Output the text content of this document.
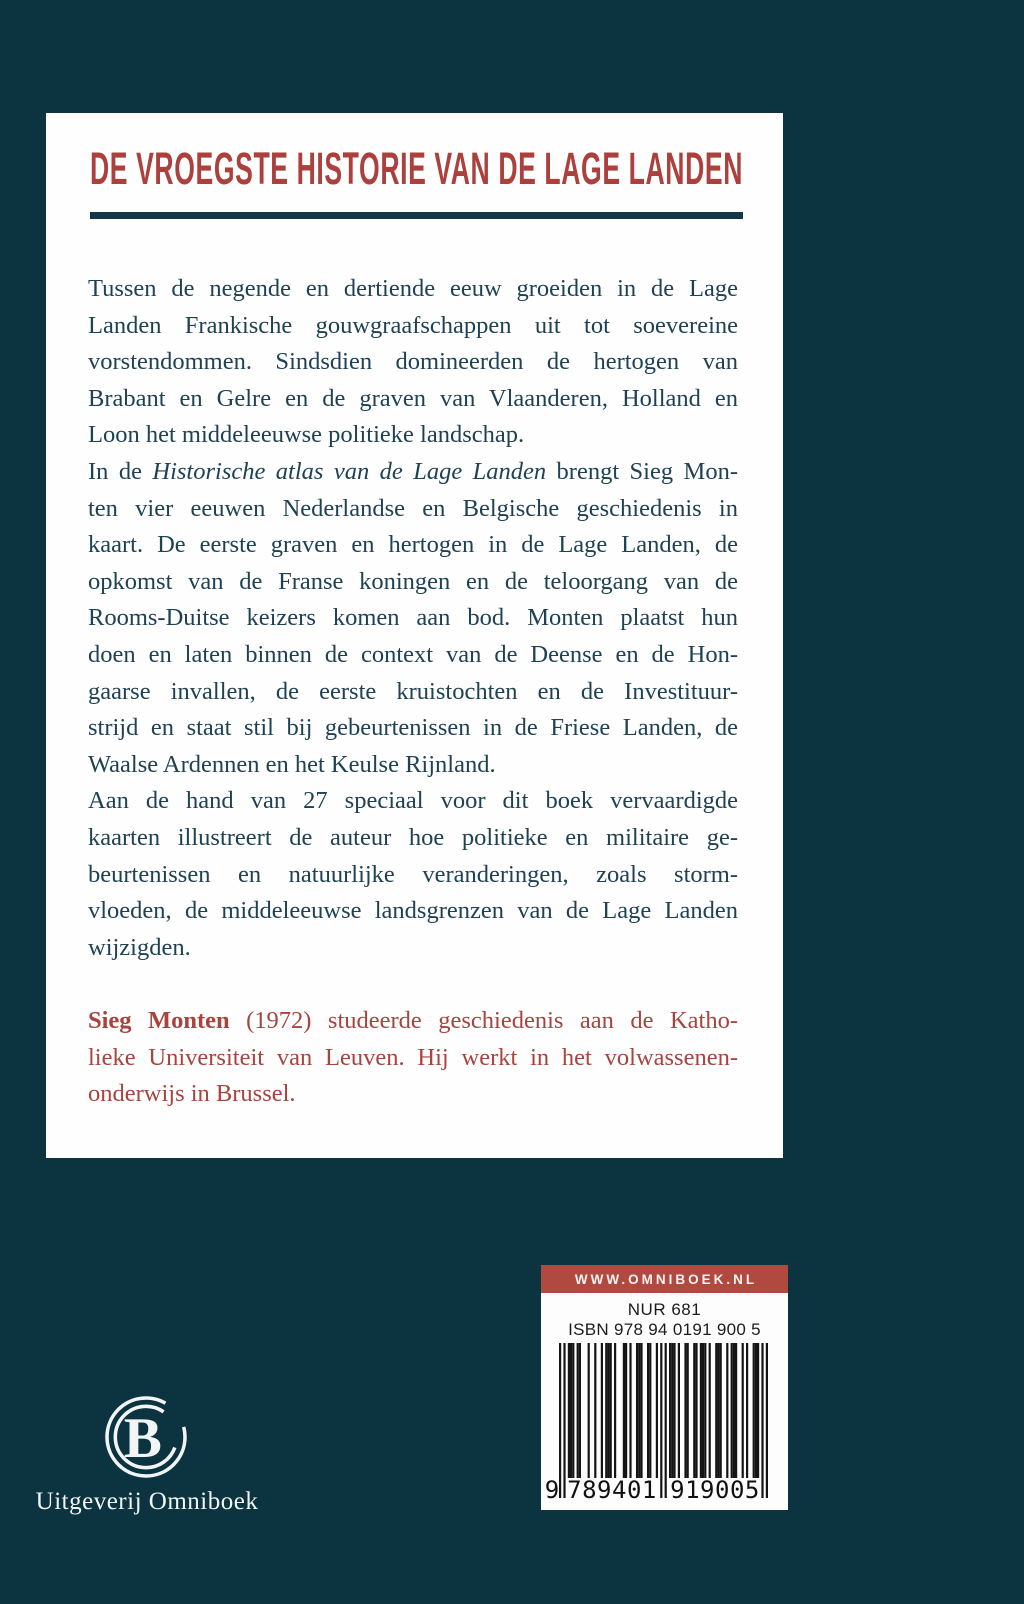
DE VROEGSTE HISTORIE VAN DE LAGE LANDEN
Tussen de negende en dertiende eeuw groeiden in de Lage
Landen Frankische gouwgraafschappen uit tot soevereine
vorstendommen. Sindsdien domineerden de hertogen van
Brabant en Gelre en de graven van Vlaanderen, Holland en
Loon het middeleeuwse politieke landschap.
In de Historische atlas van de Lage Landen brengt Sieg Mon-
ten vier eeuwen Nederlandse en Belgische geschiedenis in
kaart. De eerste graven en hertogen in de Lage Landen, de
opkomst van de Franse koningen en de teloorgang van de
Rooms-Duitse keizers komen aan bod. Monten plaatst hun
doen en laten binnen de context van de Deense en de Hon-
gaarse invallen, de eerste kruistochten en de Investituur-
strijd en staat stil bij gebeurtenissen in de Friese Landen, de
Waalse Ardennen en het Keulse Rijnland.
Aan de hand van 27 speciaal voor dit boek vervaardigde
kaarten illustreert de auteur hoe politieke en militaire ge-
beurtenissen en natuurlijke veranderingen, zoals storm-
vloeden, de middeleeuwse landsgrenzen van de Lage Landen
wijzigden.
Sieg Monten (1972) studeerde geschiedenis aan de Katho-
lieke Universiteit van Leuven. Hij werkt in het volwassenen-
onderwijs in Brussel.
B
Uitgeverij Omniboek
WWW.OMNIBOEK.NL
NUR 681
ISBN 978 94 0191 900 5
9 789401 919005
